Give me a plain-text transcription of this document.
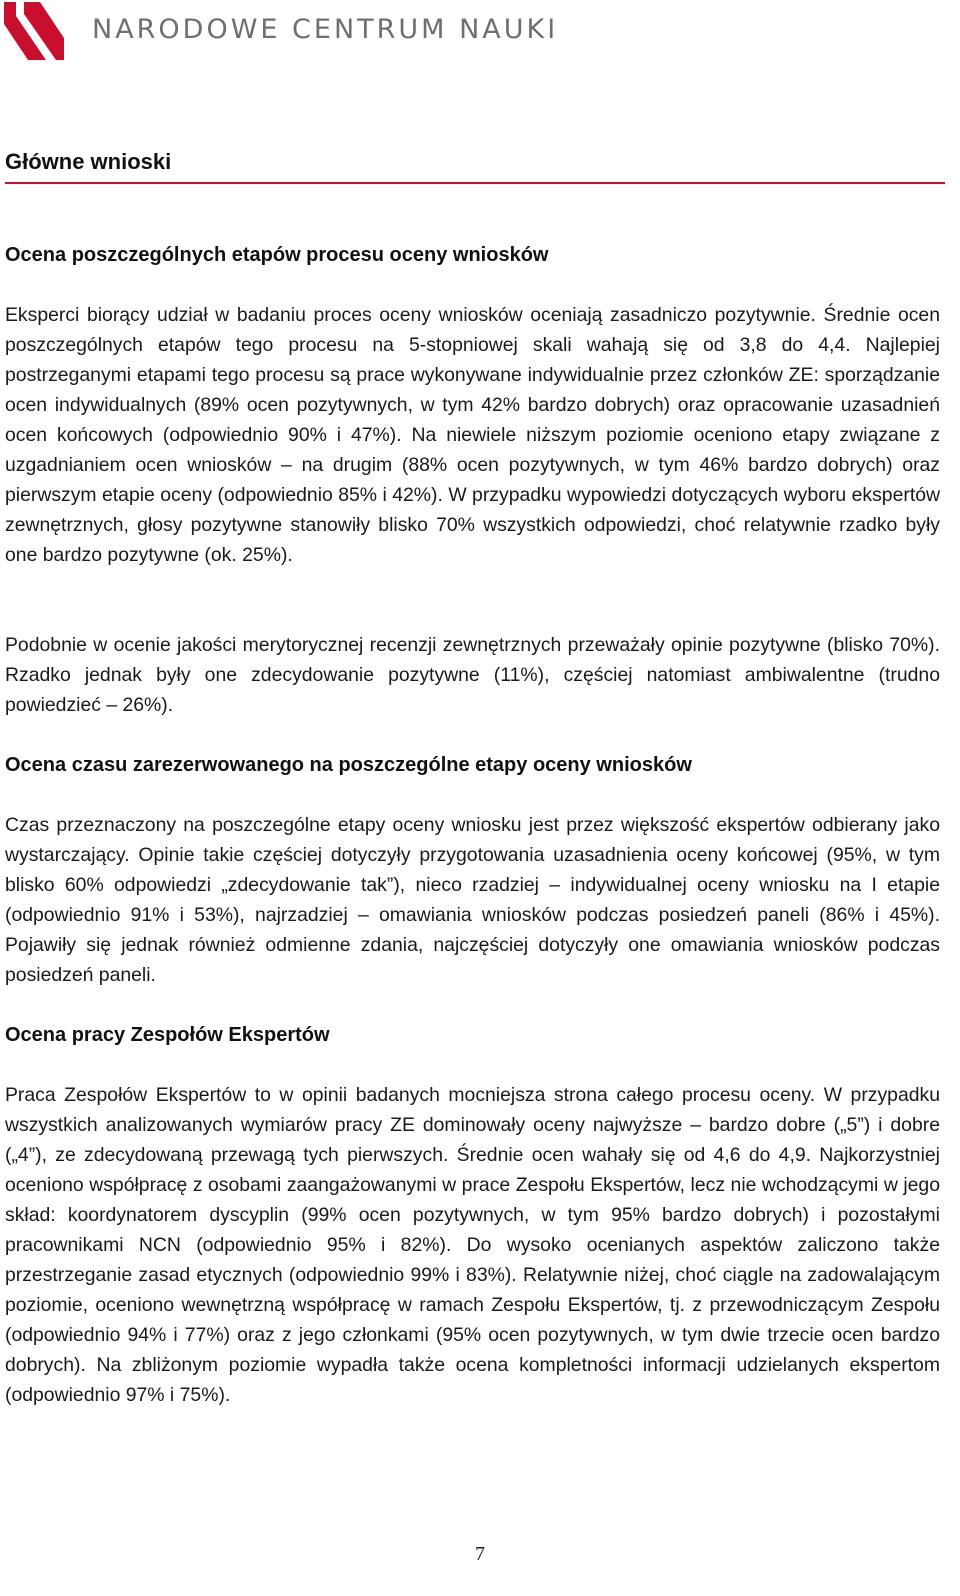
NARODOWE CENTRUM NAUKI
Główne wnioski

Ocena poszczególnych etapów procesu oceny wniosków

Eksperci biorący udział w badaniu proces oceny wniosków oceniają zasadniczo pozytywnie. Średnie ocen poszczególnych etapów tego procesu na 5-stopniowej skali wahają się od 3,8 do 4,4. Najlepiej postrzeganymi etapami tego procesu są prace wykonywane indywidualnie przez członków ZE: sporządzanie ocen indywidualnych (89% ocen pozytywnych, w tym 42% bardzo dobrych) oraz opracowanie uzasadnień ocen końcowych (odpowiednio 90% i 47%). Na niewiele niższym poziomie oceniono etapy związane z uzgadnianiem ocen wniosków – na drugim (88% ocen pozytywnych, w tym 46% bardzo dobrych) oraz pierwszym etapie oceny (odpowiednio 85% i 42%). W przypadku wypowiedzi dotyczących wyboru ekspertów zewnętrznych, głosy pozytywne stanowiły blisko 70% wszystkich odpowiedzi, choć relatywnie rzadko były one bardzo pozytywne (ok. 25%).

Podobnie w ocenie jakości merytorycznej recenzji zewnętrznych przeważały opinie pozytywne (blisko 70%). Rzadko jednak były one zdecydowanie pozytywne (11%), częściej natomiast ambiwalentne (trudno powiedzieć – 26%).

Ocena czasu zarezerwowanego na poszczególne etapy oceny wniosków

Czas przeznaczony na poszczególne etapy oceny wniosku jest przez większość ekspertów odbierany jako wystarczający. Opinie takie częściej dotyczyły przygotowania uzasadnienia oceny końcowej (95%, w tym blisko 60% odpowiedzi „zdecydowanie tak”), nieco rzadziej – indywidualnej oceny wniosku na I etapie (odpowiednio 91% i 53%), najrzadziej – omawiania wniosków podczas posiedzeń paneli (86% i 45%). Pojawiły się jednak również odmienne zdania, najczęściej dotyczyły one omawiania wniosków podczas posiedzeń paneli.

Ocena pracy Zespołów Ekspertów

Praca Zespołów Ekspertów to w opinii badanych mocniejsza strona całego procesu oceny. W przypadku wszystkich analizowanych wymiarów pracy ZE dominowały oceny najwyższe – bardzo dobre („5”) i dobre („4”), ze zdecydowaną przewagą tych pierwszych. Średnie ocen wahały się od 4,6 do 4,9. Najkorzystniej oceniono współpracę z osobami zaangażowanymi w prace Zespołu Ekspertów, lecz nie wchodzącymi w jego skład: koordynatorem dyscyplin (99% ocen pozytywnych, w tym 95% bardzo dobrych) i pozostałymi pracownikami NCN (odpowiednio 95% i 82%). Do wysoko ocenianych aspektów zaliczono także przestrzeganie zasad etycznych (odpowiednio 99% i 83%). Relatywnie niżej, choć ciągle na zadowalającym poziomie, oceniono wewnętrzną współpracę w ramach Zespołu Ekspertów, tj. z przewodniczącym Zespołu (odpowiednio 94% i 77%) oraz z jego członkami (95% ocen pozytywnych, w tym dwie trzecie ocen bardzo dobrych). Na zbliżonym poziomie wypadła także ocena kompletności informacji udzielanych ekspertom (odpowiednio 97% i 75%).

7
